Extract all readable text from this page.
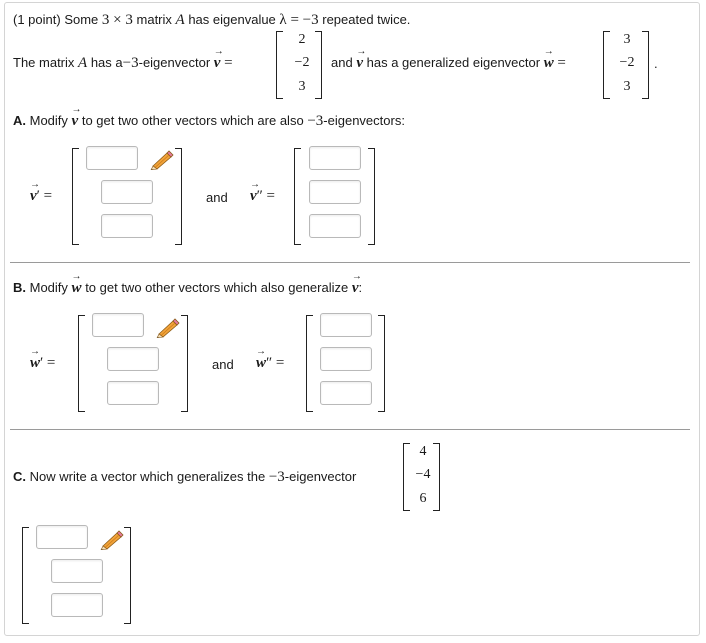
(1 point) Some 3 × 3 matrix A has eigenvalue λ = −3 repeated twice.
The matrix A has a−3-eigenvector → v =
2
−2
3
and → v has a generalized eigenvector → w =
3
−2
3
.
A. Modify → v to get two other vectors which are also −3-eigenvectors:
→ v′ =	and → v″ =
B. Modify → w to get two other vectors which also generalize → v:
→ w′ =	and → w″ =
C. Now write a vector which generalizes the −3-eigenvector
4
−4
6
